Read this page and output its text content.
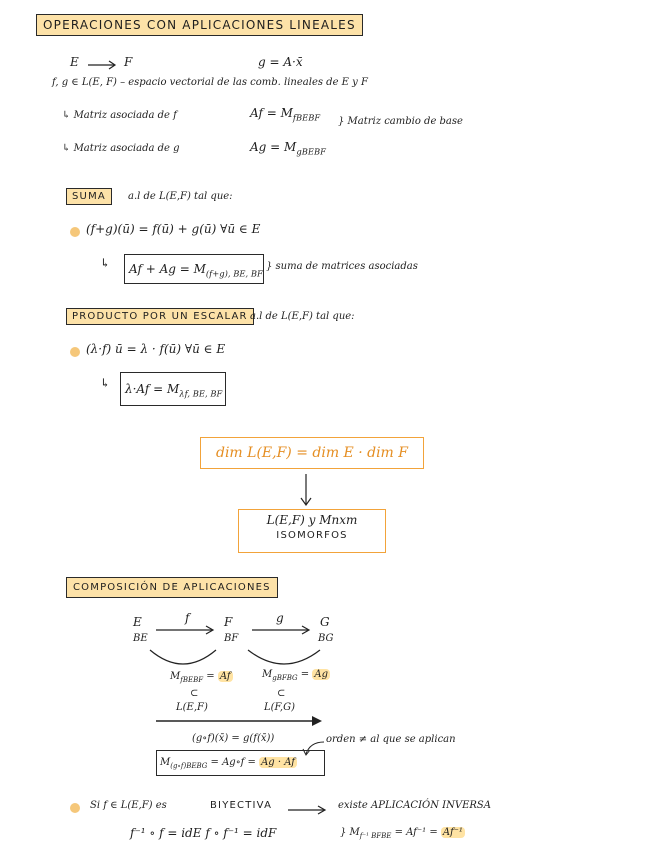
OPERACIONES CON APLICACIONES LINEALES
E	F	g = A·x̄
f, g ∈ L(E, F) – espacio vectorial de las comb. lineales de E y F
↳ Matriz asociada de f	$Af = M_{fBEBF}$ } Matriz cambio de base
↳ Matriz asociada de g	$Ag = M_{gBEBF}$
SUMA	a.l de L(E,F) tal que:
(f+g)(ū) = f(ū) + g(ū) ∀ū ∈ E
↳	$Af + Ag = M_{(f+g), BE, BF}$
} suma de matrices asociadas
PRODUCTO POR UN ESCALAR a.l de L(E,F) tal que:
(λ·f) ū = λ · f(ū) ∀ū ∈ E
↳	$\lambda\cdot Af = M_{\lambda f, BE, BF}$
dim L(E,F) = dim E · dim F
L(E,F) y Mnxm
ISOMORFOS
COMPOSICIÓN DE APLICACIONES
E
BE
f	F
BF
g	G
BG
$M_{fBEBF} = Af$
⊂
L(E,F)
$M_{gBFBG} = Ag$
⊂
L(F,G)
(g∘f)(x̄) = g(f(x̄))	orden ≠ al que se aplican
$M_{(g\circ f)BEBG}$ = Ag∘f = Ag · Af
Si f ∈ L(E,F) es	BIYECTIVA	existe APLICACIÓN INVERSA
f⁻¹ ∘ f = idE f ∘ f⁻¹ = idF	} $M_{f^{-1} BFBE} = Af^{-1} = Af^{-1}$
